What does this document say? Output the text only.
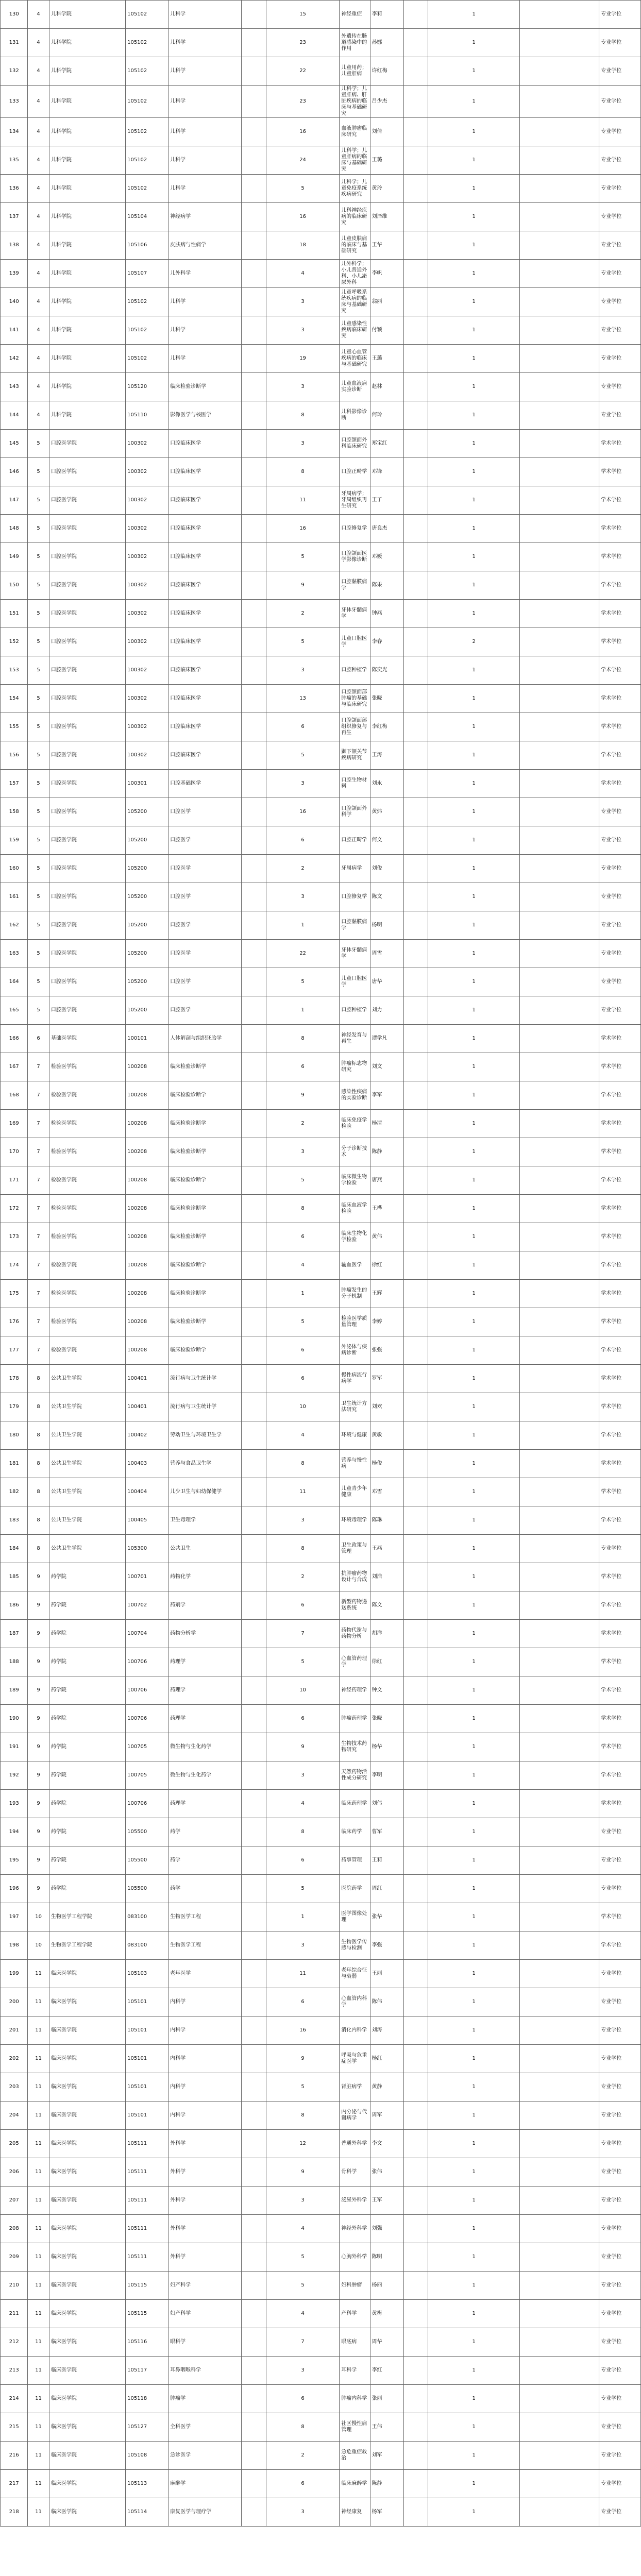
130	4	儿科学院	105102	儿科学		15	神经重症	李莉		1		专业学位
131	4	儿科学院	105102	儿科学		23	外遗传在肠道感染中的作用	孙娜		1		专业学位
132	4	儿科学院	105102	儿科学		22	儿童用药；儿童肝病	许红梅		1		专业学位
133	4	儿科学院	105102	儿科学		23	儿科学；儿童肝病、肝脏疾病的临床与基础研究	吕少杰		1		专业学位
134	4	儿科学院	105102	儿科学		16	血液肿瘤临床研究	刘倩		1		专业学位
135	4	儿科学院	105102	儿科学		24	儿科学；儿童肝病的临床与基础研究	王璐		1		专业学位
136	4	儿科学院	105102	儿科学		5	儿科学；儿童免疫系统疾病研究	黄玲		1		专业学位
137	4	儿科学院	105104	神经病学		16	儿科神经疾病的临床研究	刘泽维		1		专业学位
138	4	儿科学院	105106	皮肤病与性病学		18	儿童皮肤病的临床与基础研究	王华		1		专业学位
139	4	儿科学院	105107	儿外科学		4	儿外科学；小儿普通外科、小儿泌尿外科	李帆		1		专业学位
140	4	儿科学院	105102	儿科学		3	儿童呼吸系统疾病的临床与基础研究	翁丽		1		专业学位
141	4	儿科学院	105102	儿科学		3	儿童感染性疾病临床研究	付颖		1		专业学位
142	4	儿科学院	105102	儿科学		19	儿童心血管疾病的临床与基础研究	王璐		1		专业学位
143	4	儿科学院	105120	临床检验诊断学		3	儿童血液病实验诊断	赵林		1		专业学位
144	4	儿科学院	105110	影像医学与核医学		8	儿科影像诊断	何玲		1		专业学位
145	5	口腔医学院	100302	口腔临床医学		3	口腔颌面外科临床研究	郑宝红		1		学术学位
146	5	口腔医学院	100302	口腔临床医学		8	口腔正畸学	邓锋		1		学术学位
147	5	口腔医学院	100302	口腔临床医学		11	牙周病学；牙周组织再生研究	王了		1		学术学位
148	5	口腔医学院	100302	口腔临床医学		16	口腔修复学	唐良杰		1		学术学位
149	5	口腔医学院	100302	口腔临床医学		5	口腔颌面医学影像诊断	邓媛		1		学术学位
150	5	口腔医学院	100302	口腔临床医学		9	口腔黏膜病学	陈果		1		学术学位
151	5	口腔医学院	100302	口腔临床医学		2	牙体牙髓病学	钟燕		1		学术学位
152	5	口腔医学院	100302	口腔临床医学		5	儿童口腔医学	李春		2		学术学位
153	5	口腔医学院	100302	口腔临床医学		3	口腔种植学	陈奕光		1		学术学位
154	5	口腔医学院	100302	口腔临床医学		13	口腔颌面部肿瘤的基础与临床研究	张晓		1		学术学位
155	5	口腔医学院	100302	口腔临床医学		6	口腔颌面部组织修复与再生	李红梅		1		学术学位
156	5	口腔医学院	100302	口腔临床医学		5	颞下颌关节疾病研究	王涛		1		学术学位
157	5	口腔医学院	100301	口腔基础医学		3	口腔生物材料	刘永		1		学术学位
158	5	口腔医学院	105200	口腔医学		16	口腔颌面外科学	黄炜		1		专业学位
159	5	口腔医学院	105200	口腔医学		6	口腔正畸学	何文		1		专业学位
160	5	口腔医学院	105200	口腔医学		2	牙周病学	刘俊		1		专业学位
161	5	口腔医学院	105200	口腔医学		3	口腔修复学	陈文		1		专业学位
162	5	口腔医学院	105200	口腔医学		1	口腔黏膜病学	杨明		1		专业学位
163	5	口腔医学院	105200	口腔医学		22	牙体牙髓病学	周雪		1		专业学位
164	5	口腔医学院	105200	口腔医学		5	儿童口腔医学	唐华		1		专业学位
165	5	口腔医学院	105200	口腔医学		1	口腔种植学	刘力		1		专业学位
166	6	基础医学院	100101	人体解剖与组织胚胎学		8	神经发育与再生	谭学凡		1		学术学位
167	7	检验医学院	100208	临床检验诊断学		6	肿瘤标志物研究	刘文		1		学术学位
168	7	检验医学院	100208	临床检验诊断学		9	感染性疾病的实验诊断	李军		1		学术学位
169	7	检验医学院	100208	临床检验诊断学		2	临床免疫学检验	杨清		1		学术学位
170	7	检验医学院	100208	临床检验诊断学		3	分子诊断技术	陈静		1		学术学位
171	7	检验医学院	100208	临床检验诊断学		5	临床微生物学检验	唐燕		1		学术学位
172	7	检验医学院	100208	临床检验诊断学		8	临床血液学检验	王桦		1		学术学位
173	7	检验医学院	100208	临床检验诊断学		6	临床生物化学检验	黄伟		1		学术学位
174	7	检验医学院	100208	临床检验诊断学		4	输血医学	徐红		1		学术学位
175	7	检验医学院	100208	临床检验诊断学		1	肿瘤发生的分子机制	王辉		1		学术学位
176	7	检验医学院	100208	临床检验诊断学		5	检验医学质量管理	李婷		1		学术学位
177	7	检验医学院	100208	临床检验诊断学		6	外泌体与疾病诊断	张强		1		学术学位
178	8	公共卫生学院	100401	流行病与卫生统计学		6	慢性病流行病学	罗军		1		学术学位
179	8	公共卫生学院	100401	流行病与卫生统计学		10	卫生统计方法研究	刘欢		1		学术学位
180	8	公共卫生学院	100402	劳动卫生与环境卫生学		4	环境与健康	黄敏		1		学术学位
181	8	公共卫生学院	100403	营养与食品卫生学		8	营养与慢性病	杨俊		1		学术学位
182	8	公共卫生学院	100404	儿少卫生与妇幼保健学		11	儿童青少年健康	邓雪		1		学术学位
183	8	公共卫生学院	100405	卫生毒理学		3	环境毒理学	陈琳		1		学术学位
184	8	公共卫生学院	105300	公共卫生		8	卫生政策与管理	王燕		1		专业学位
185	9	药学院	100701	药物化学		2	抗肿瘤药物设计与合成	刘浩		1		学术学位
186	9	药学院	100702	药剂学		6	新型药物递送系统	陈文		1		学术学位
187	9	药学院	100704	药物分析学		7	药物代谢与药物分析	胡洋		1		学术学位
188	9	药学院	100706	药理学		5	心血管药理学	徐红		1		学术学位
189	9	药学院	100706	药理学		10	神经药理学	钟文		1		学术学位
190	9	药学院	100706	药理学		6	肿瘤药理学	张晓		1		学术学位
191	9	药学院	100705	微生物与生化药学		9	生物技术药物研究	杨华		1		学术学位
192	9	药学院	100705	微生物与生化药学		3	天然药物活性成分研究	李明		1		学术学位
193	9	药学院	100706	药理学		4	临床药理学	刘伟		1		学术学位
194	9	药学院	105500	药学		8	临床药学	曹军		1		专业学位
195	9	药学院	105500	药学		6	药事管理	王莉		1		专业学位
196	9	药学院	105500	药学		5	医院药学	周红		1		专业学位
197	10	生物医学工程学院	083100	生物医学工程		1	医学图像处理	张华		1		学术学位
198	10	生物医学工程学院	083100	生物医学工程		3	生物医学传感与检测	李强		1		学术学位
199	11	临床医学院	105103	老年医学		11	老年综合征与衰弱	王丽		1		专业学位
200	11	临床医学院	105101	内科学		6	心血管内科学	陈伟		1		专业学位
201	11	临床医学院	105101	内科学		16	消化内科学	刘涛		1		专业学位
202	11	临床医学院	105101	内科学		9	呼吸与危重症医学	杨红		1		专业学位
203	11	临床医学院	105101	内科学		5	肾脏病学	黄静		1		专业学位
204	11	临床医学院	105101	内科学		8	内分泌与代谢病学	周军		1		专业学位
205	11	临床医学院	105111	外科学		12	普通外科学	李文		1		专业学位
206	11	临床医学院	105111	外科学		9	骨科学	张伟		1		专业学位
207	11	临床医学院	105111	外科学		3	泌尿外科学	王军		1		专业学位
208	11	临床医学院	105111	外科学		4	神经外科学	刘强		1		专业学位
209	11	临床医学院	105111	外科学		5	心胸外科学	陈明		1		专业学位
210	11	临床医学院	105115	妇产科学		5	妇科肿瘤	杨丽		1		专业学位
211	11	临床医学院	105115	妇产科学		4	产科学	黄梅		1		专业学位
212	11	临床医学院	105116	眼科学		7	眼底病	周华		1		专业学位
213	11	临床医学院	105117	耳鼻咽喉科学		3	耳科学	李红		1		专业学位
214	11	临床医学院	105118	肿瘤学		6	肿瘤内科学	张丽		1		专业学位
215	11	临床医学院	105127	全科医学		8	社区慢性病管理	王伟		1		专业学位
216	11	临床医学院	105108	急诊医学		2	急危重症救治	刘军		1		专业学位
217	11	临床医学院	105113	麻醉学		6	临床麻醉学	陈静		1		专业学位
218	11	临床医学院	105114	康复医学与理疗学		3	神经康复	杨军		1		专业学位
